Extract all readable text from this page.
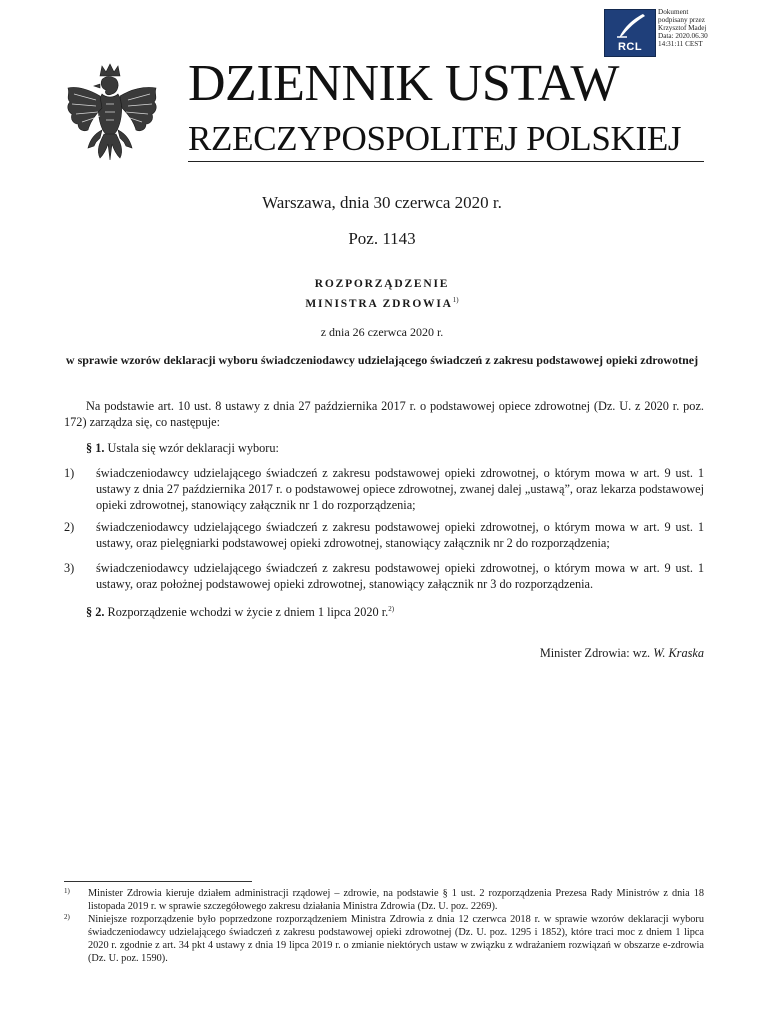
RCL
Dokument
podpisany przez
Krzysztof Madej
Data: 2020.06.30
14:31:11 CEST
DZIENNIK USTAW
RZECZYPOSPOLITEJ POLSKIEJ
Warszawa, dnia 30 czerwca 2020 r.
Poz. 1143
ROZPORZĄDZENIE
MINISTRA ZDROWIA$^{1)}$
z dnia 26 czerwca 2020 r.
w sprawie wzorów deklaracji wyboru świadczeniodawcy udzielającego świadczeń z zakresu podstawowej opieki zdrowotnej
Na podstawie art. 10 ust. 8 ustawy z dnia 27 października 2017 r. o podstawowej opiece zdrowotnej (Dz. U. z 2020 r. poz. 172) zarządza się, co następuje:
§ 1. Ustala się wzór deklaracji wyboru:
1) świadczeniodawcy udzielającego świadczeń z zakresu podstawowej opieki zdrowotnej, o którym mowa w art. 9 ust. 1 ustawy z dnia 27 października 2017 r. o podstawowej opiece zdrowotnej, zwanej dalej „ustawą”, oraz lekarza podstawowej opieki zdrowotnej, stanowiący załącznik nr 1 do rozporządzenia;
2) świadczeniodawcy udzielającego świadczeń z zakresu podstawowej opieki zdrowotnej, o którym mowa w art. 9 ust. 1 ustawy, oraz pielęgniarki podstawowej opieki zdrowotnej, stanowiący załącznik nr 2 do rozporządzenia;
3) świadczeniodawcy udzielającego świadczeń z zakresu podstawowej opieki zdrowotnej, o którym mowa w art. 9 ust. 1 ustawy, oraz położnej podstawowej opieki zdrowotnej, stanowiący załącznik nr 3 do rozporządzenia.
§ 2. Rozporządzenie wchodzi w życie z dniem 1 lipca 2020 r.$^{2)}$
Minister Zdrowia: wz. W. Kraska
1) Minister Zdrowia kieruje działem administracji rządowej – zdrowie, na podstawie § 1 ust. 2 rozporządzenia Prezesa Rady Ministrów z dnia 18 listopada 2019 r. w sprawie szczegółowego zakresu działania Ministra Zdrowia (Dz. U. poz. 2269).
2) Niniejsze rozporządzenie było poprzedzone rozporządzeniem Ministra Zdrowia z dnia 12 czerwca 2018 r. w sprawie wzorów deklaracji wyboru świadczeniodawcy udzielającego świadczeń z zakresu podstawowej opieki zdrowotnej (Dz. U. poz. 1295 i 1852), które traci moc z dniem 1 lipca 2020 r. zgodnie z art. 34 pkt 4 ustawy z dnia 19 lipca 2019 r. o zmianie niektórych ustaw w związku z wdrażaniem rozwiązań w obszarze e-zdrowia (Dz. U. poz. 1590).
